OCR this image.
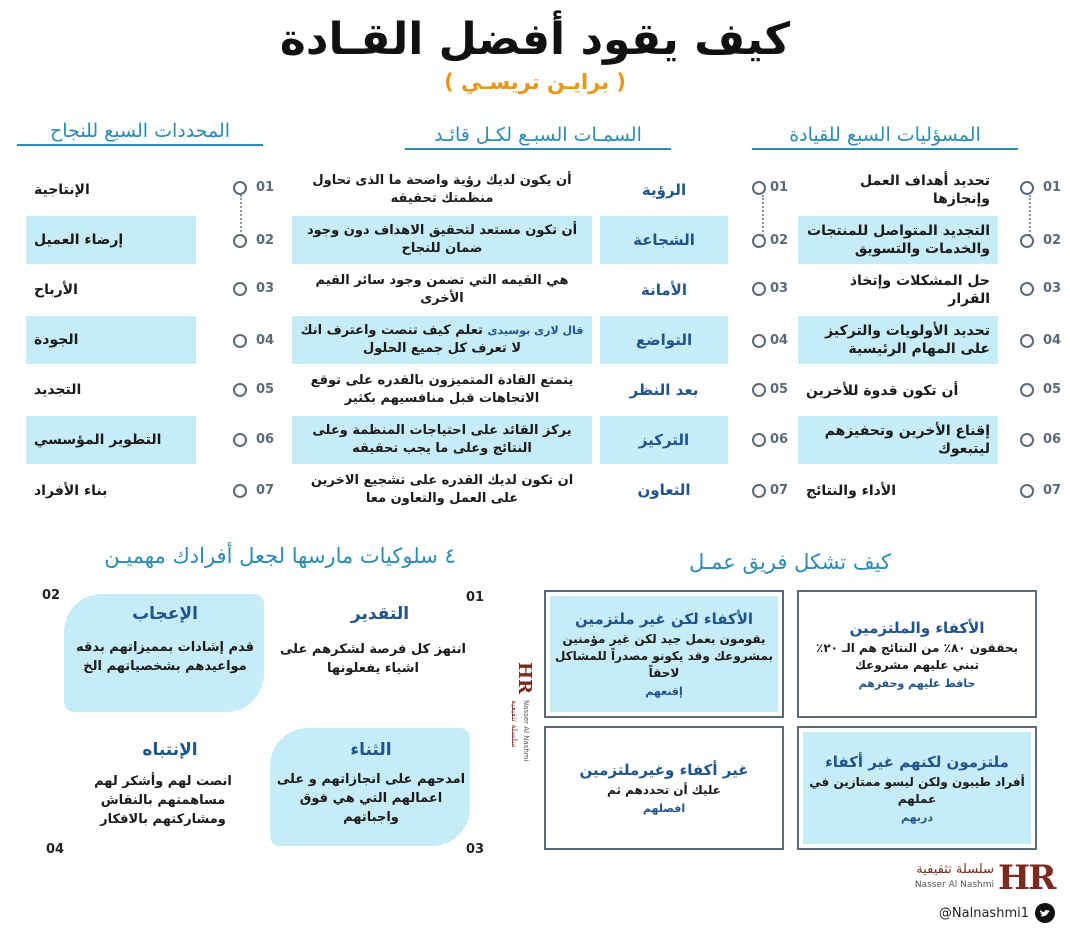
كيف يقود أفضل القـادة
( برايـن تريسـي )
المسؤليات السبع للقيادة
السمـات السبـع لكـل قائـد
المحددات السبع للنجاح
01
تحديد أهداف العمل وإنجازها
02
التجديد المتواصل للمنتجات والخدمات والتسويق
03
حل المشكلات وإتخاذ القرار
04
تحديد الأولويات والتركيز على المهام الرئيسية
05
أن تكون قدوة للأخرين
06
إقناع الأخرين وتحفيزهم ليتبعوك
07
الأداء والنتائج
01
الرؤية
أن يكون لديك رؤية واضحة ما الذى تحاول منظمتك تحقيقه
02
الشجاعة
أن تكون مستعد لتحقيق الاهداف دون وجود ضمان للنجاح
03
الأمانة
هي القيمه التي تضمن وجود سائر القيم الأخرى
04
التواضع
قال لارى بوسيدى تعلم كيف تنصت واعترف انك لا تعرف كل جميع الحلول
05
بعد النظر
يتمتع القادة المتميزون بالقدره على توقع الاتجاهات قبل منافسيهم بكثير
06
التركيز
يركز القائد على احتياجات المنظمة وعلى النتائج وعلى ما يجب تحقيقه
07
التعاون
ان تكون لديك القدره على تشجيع الاخرين على العمل والتعاون معا
01
الإنتاجية
02
إرضاء العميل
03
الأرباح
04
الجودة
05
التجديد
06
التطوير المؤسسي
07
بناء الأفراد
٤ سلوكيات مارسها لجعل أفرادك مهميـن
01
التقدير
انتهز كل فرصة لشكرهم على اشياء يفعلونها
02
الإعجاب
قدم إشادات بمميزاتهم بدقه مواعيدهم بشخصياتهم الخ
الثناء
امدحهم على انجازاتهم و على اعمالهم التي هي فوق واجباتهم
03
الإنتباه
انصت لهم وأشكر لهم مساهمتهم بالنقاش ومشاركتهم بالافكار
04
كيف تشكل فريق عمـل
الأكفاء والملتزمين
يحققون ٨٠٪ من النتائج هم الـ ٢٠٪ تبني عليهم مشروعك
حافظ عليهم وحفزهم
الأكفاء لكن غير ملتزمين
يقومون بعمل جيد لكن غير مؤمنين بمشروعك وقد يكونو مصدراً للمشاكل لاحقاً
إقنعهم
ملتزمون لكنهم غير أكفاء
أفراد طيبون ولكن ليسو ممتازين في عملهم
دربهم
غير أكفاء وغيرملتزمين
عليك أن تحددهم ثم
افصلهم
HR
سلسلة تثقيفية Nasser Al Nashmi
HR
سلسلة تثقيفية
Nasser Al Nashmi
@Nalnashmi1
